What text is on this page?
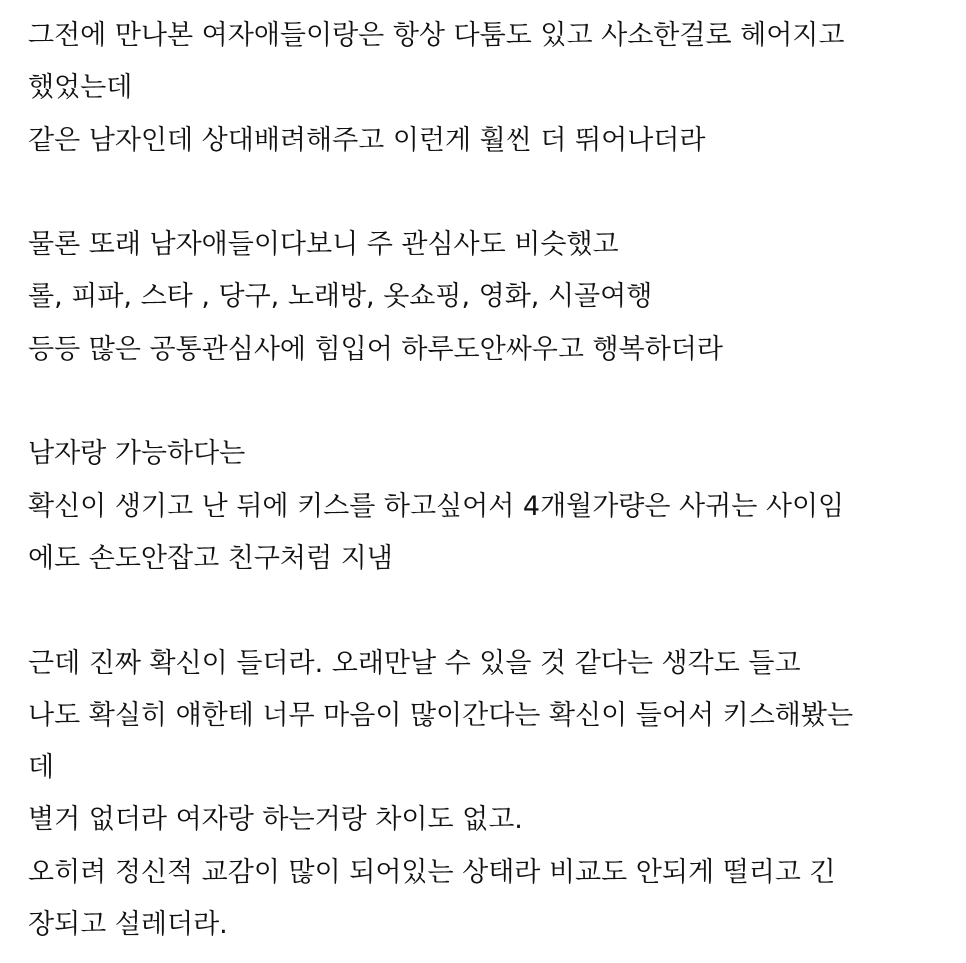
그전에 만나본 여자애들이랑은 항상 다툼도 있고 사소한걸로 헤어지고
했었는데
같은 남자인데 상대배려해주고 이런게 훨씬 더 뛰어나더라
물론 또래 남자애들이다보니 주 관심사도 비슷했고
롤, 피파, 스타 , 당구, 노래방, 옷쇼핑, 영화, 시골여행
등등 많은 공통관심사에 힘입어 하루도안싸우고 행복하더라
남자랑 가능하다는
확신이 생기고 난 뒤에 키스를 하고싶어서 4개월가량은 사귀는 사이임
에도 손도안잡고 친구처럼 지냄
근데 진짜 확신이 들더라. 오래만날 수 있을 것 같다는 생각도 들고
나도 확실히 얘한테 너무 마음이 많이간다는 확신이 들어서 키스해봤는
데
별거 없더라 여자랑 하는거랑 차이도 없고.
오히려 정신적 교감이 많이 되어있는 상태라 비교도 안되게 떨리고 긴
장되고 설레더라.
